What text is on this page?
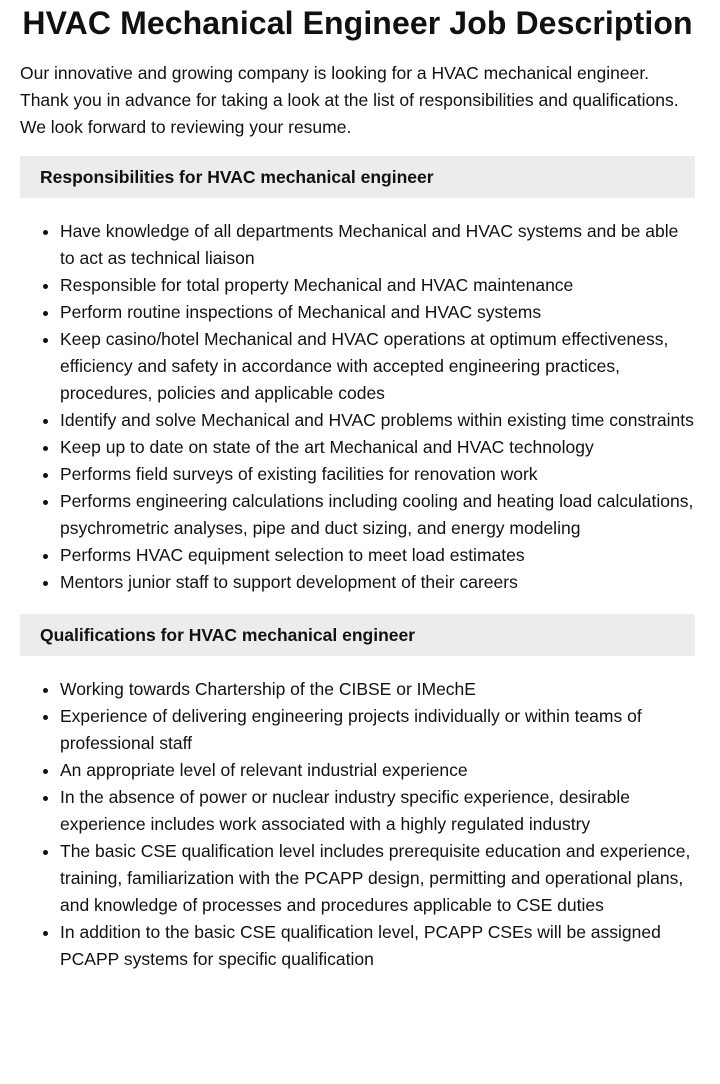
HVAC Mechanical Engineer Job Description

Our innovative and growing company is looking for a HVAC mechanical engineer. Thank you in advance for taking a look at the list of responsibilities and qualifications. We look forward to reviewing your resume.

Responsibilities for HVAC mechanical engineer
• Have knowledge of all departments Mechanical and HVAC systems and be able to act as technical liaison
• Responsible for total property Mechanical and HVAC maintenance
• Perform routine inspections of Mechanical and HVAC systems
• Keep casino/hotel Mechanical and HVAC operations at optimum effectiveness, efficiency and safety in accordance with accepted engineering practices, procedures, policies and applicable codes
• Identify and solve Mechanical and HVAC problems within existing time constraints
• Keep up to date on state of the art Mechanical and HVAC technology
• Performs field surveys of existing facilities for renovation work
• Performs engineering calculations including cooling and heating load calculations, psychrometric analyses, pipe and duct sizing, and energy modeling
• Performs HVAC equipment selection to meet load estimates
• Mentors junior staff to support development of their careers
Qualifications for HVAC mechanical engineer
• Working towards Chartership of the CIBSE or IMechE
• Experience of delivering engineering projects individually or within teams of professional staff
• An appropriate level of relevant industrial experience
• In the absence of power or nuclear industry specific experience, desirable experience includes work associated with a highly regulated industry
• The basic CSE qualification level includes prerequisite education and experience, training, familiarization with the PCAPP design, permitting and operational plans, and knowledge of processes and procedures applicable to CSE duties
• In addition to the basic CSE qualification level, PCAPP CSEs will be assigned PCAPP systems for specific qualification
